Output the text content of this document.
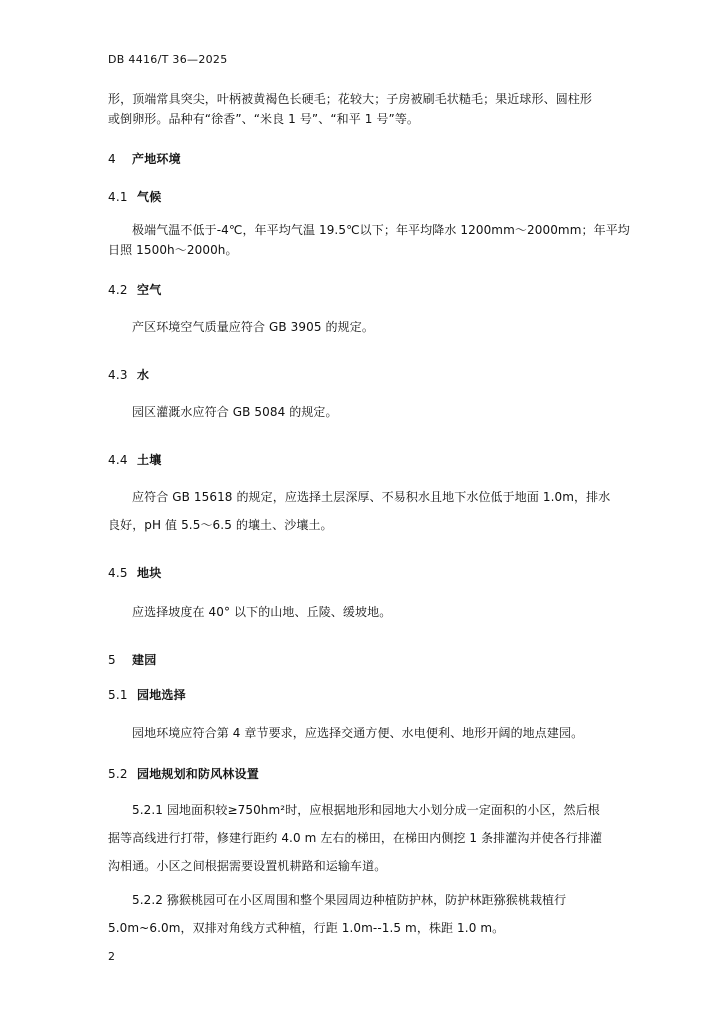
DB 4416/T 36—2025
形，顶端常具突尖，叶柄被黄褐色长硬毛；花较大；子房被刷毛状糙毛；果近球形、圆柱形
或倒卵形。品种有“徐香”、“米良 1 号”、“和平 1 号”等。
4 产地环境
4.1 气候
极端气温不低于-4℃，年平均气温 19.5℃以下；年平均降水 1200mm～2000mm；年平均
日照 1500h～2000h。
4.2 空气
产区环境空气质量应符合 GB 3905 的规定。
4.3 水
园区灌溉水应符合 GB 5084 的规定。
4.4 土壤
应符合 GB 15618 的规定，应选择土层深厚、不易积水且地下水位低于地面 1.0m，排水
良好，pH 值 5.5～6.5 的壤土、沙壤土。
4.5 地块
应选择坡度在 40° 以下的山地、丘陵、缓坡地。
5 建园
5.1 园地选择
园地环境应符合第 4 章节要求，应选择交通方便、水电便利、地形开阔的地点建园。
5.2 园地规划和防风林设置
5.2.1 园地面积较≥750hm²时，应根据地形和园地大小划分成一定面积的小区，然后根
据等高线进行打带，修建行距约 4.0 m 左右的梯田，在梯田内侧挖 1 条排灌沟并使各行排灌
沟相通。小区之间根据需要设置机耕路和运输车道。
5.2.2 猕猴桃园可在小区周围和整个果园周边种植防护林，防护林距猕猴桃栽植行
5.0m~6.0m，双排对角线方式种植，行距 1.0m--1.5 m，株距 1.0 m。
2
